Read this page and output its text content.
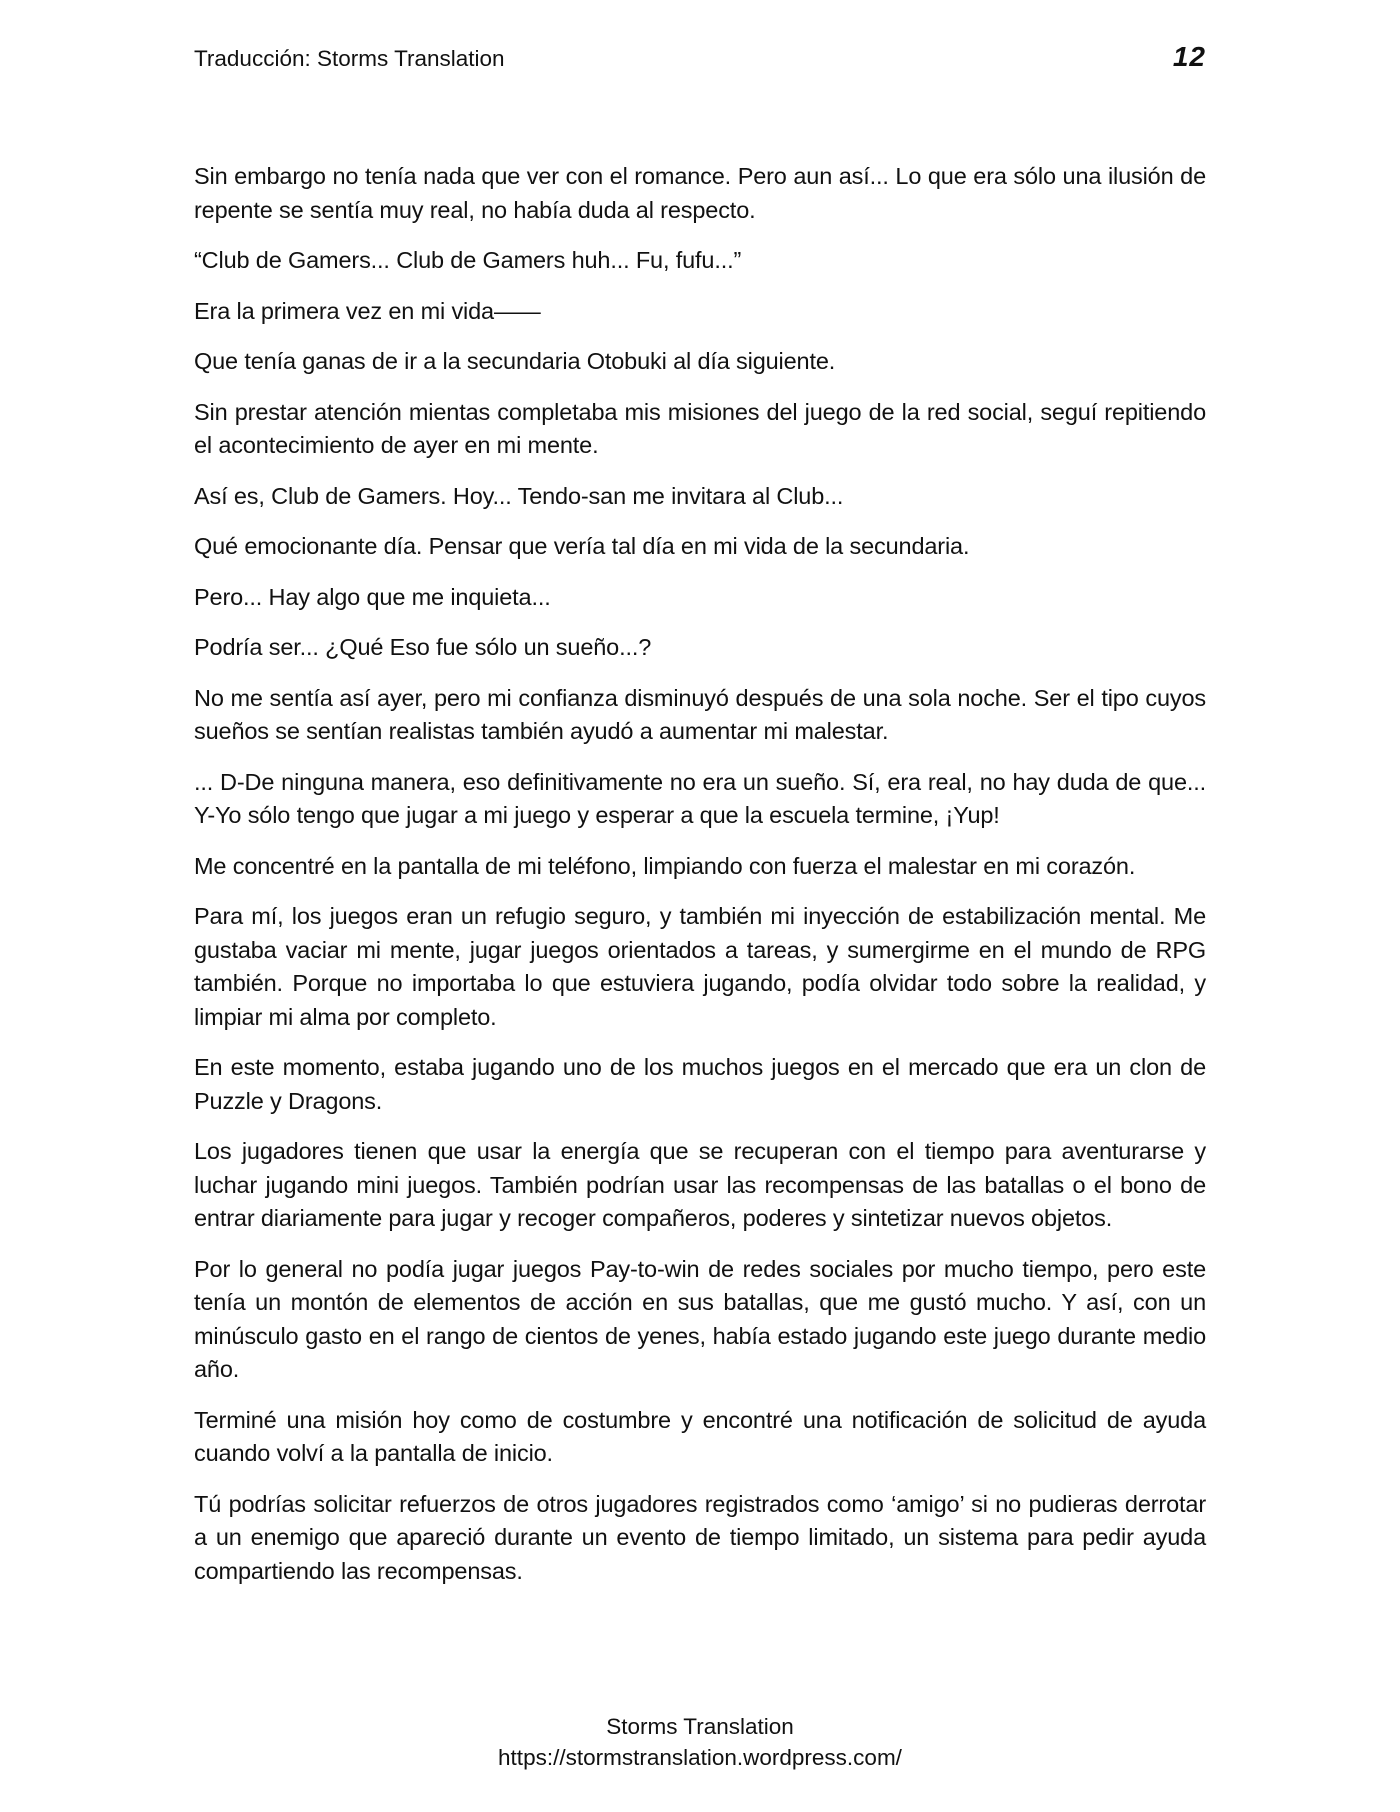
Traducción: Storms Translation	12

Sin embargo no tenía nada que ver con el romance. Pero aun así... Lo que era sólo una ilusión de repente se sentía muy real, no había duda al respecto.

“Club de Gamers... Club de Gamers huh... Fu, fufu...”

Era la primera vez en mi vida——

Que tenía ganas de ir a la secundaria Otobuki al día siguiente.

Sin prestar atención mientas completaba mis misiones del juego de la red social, seguí repitiendo el acontecimiento de ayer en mi mente.

Así es, Club de Gamers. Hoy... Tendo-san me invitara al Club...

Qué emocionante día. Pensar que vería tal día en mi vida de la secundaria.

Pero... Hay algo que me inquieta...

Podría ser... ¿Qué Eso fue sólo un sueño...?

No me sentía así ayer, pero mi confianza disminuyó después de una sola noche. Ser el tipo cuyos sueños se sentían realistas también ayudó a aumentar mi malestar.

... D-De ninguna manera, eso definitivamente no era un sueño. Sí, era real, no hay duda de que... Y-Yo sólo tengo que jugar a mi juego y esperar a que la escuela termine, ¡Yup!

Me concentré en la pantalla de mi teléfono, limpiando con fuerza el malestar en mi corazón.

Para mí, los juegos eran un refugio seguro, y también mi inyección de estabilización mental. Me gustaba vaciar mi mente, jugar juegos orientados a tareas, y sumergirme en el mundo de RPG también. Porque no importaba lo que estuviera jugando, podía olvidar todo sobre la realidad, y limpiar mi alma por completo.

En este momento, estaba jugando uno de los muchos juegos en el mercado que era un clon de Puzzle y Dragons.

Los jugadores tienen que usar la energía que se recuperan con el tiempo para aventurarse y luchar jugando mini juegos. También podrían usar las recompensas de las batallas o el bono de entrar diariamente para jugar y recoger compañeros, poderes y sintetizar nuevos objetos.

Por lo general no podía jugar juegos Pay-to-win de redes sociales por mucho tiempo, pero este tenía un montón de elementos de acción en sus batallas, que me gustó mucho. Y así, con un minúsculo gasto en el rango de cientos de yenes, había estado jugando este juego durante medio año.

Terminé una misión hoy como de costumbre y encontré una notificación de solicitud de ayuda cuando volví a la pantalla de inicio.

Tú podrías solicitar refuerzos de otros jugadores registrados como ‘amigo’ si no pudieras derrotar a un enemigo que apareció durante un evento de tiempo limitado, un sistema para pedir ayuda compartiendo las recompensas.

Storms Translation
https://stormstranslation.wordpress.com/
